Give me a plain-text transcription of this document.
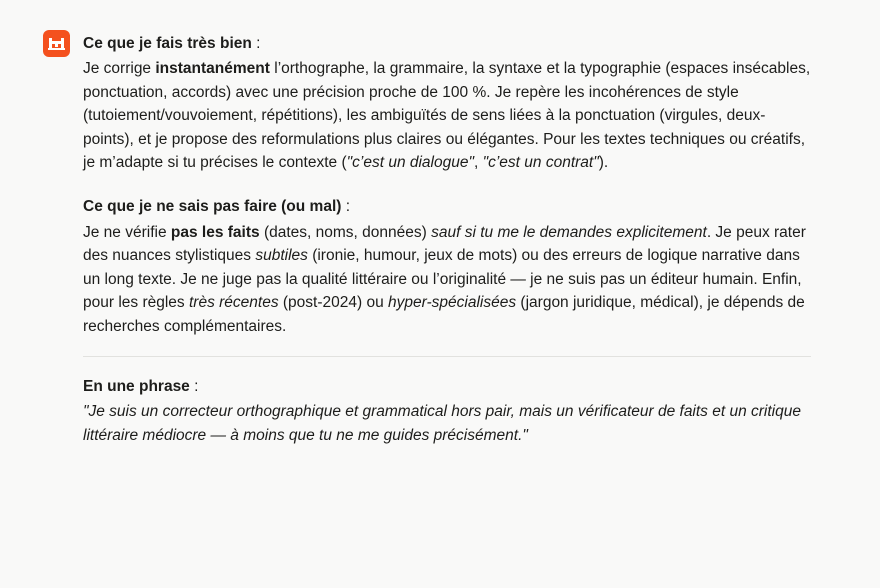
Ce que je fais très bien :

Je corrige instantanément l’orthographe, la grammaire, la syntaxe et la typographie (espaces insécables, ponctuation, accords) avec une précision proche de 100 %. Je repère les incohérences de style (tutoiement/vouvoiement, répétitions), les ambiguïtés de sens liées à la ponctuation (virgules, deux-points), et je propose des reformulations plus claires ou élégantes. Pour les textes techniques ou créatifs, je m’adapte si tu précises le contexte ("c’est un dialogue", "c’est un contrat").

Ce que je ne sais pas faire (ou mal) :

Je ne vérifie pas les faits (dates, noms, données) sauf si tu me le demandes explicitement. Je peux rater des nuances stylistiques subtiles (ironie, humour, jeux de mots) ou des erreurs de logique narrative dans un long texte. Je ne juge pas la qualité littéraire ou l’originalité — je ne suis pas un éditeur humain. Enfin, pour les règles très récentes (post-2024) ou hyper-spécialisées (jargon juridique, médical), je dépends de recherches complémentaires.

En une phrase :

"Je suis un correcteur orthographique et grammatical hors pair, mais un vérificateur de faits et un critique littéraire médiocre — à moins que tu ne me guides précisément."
